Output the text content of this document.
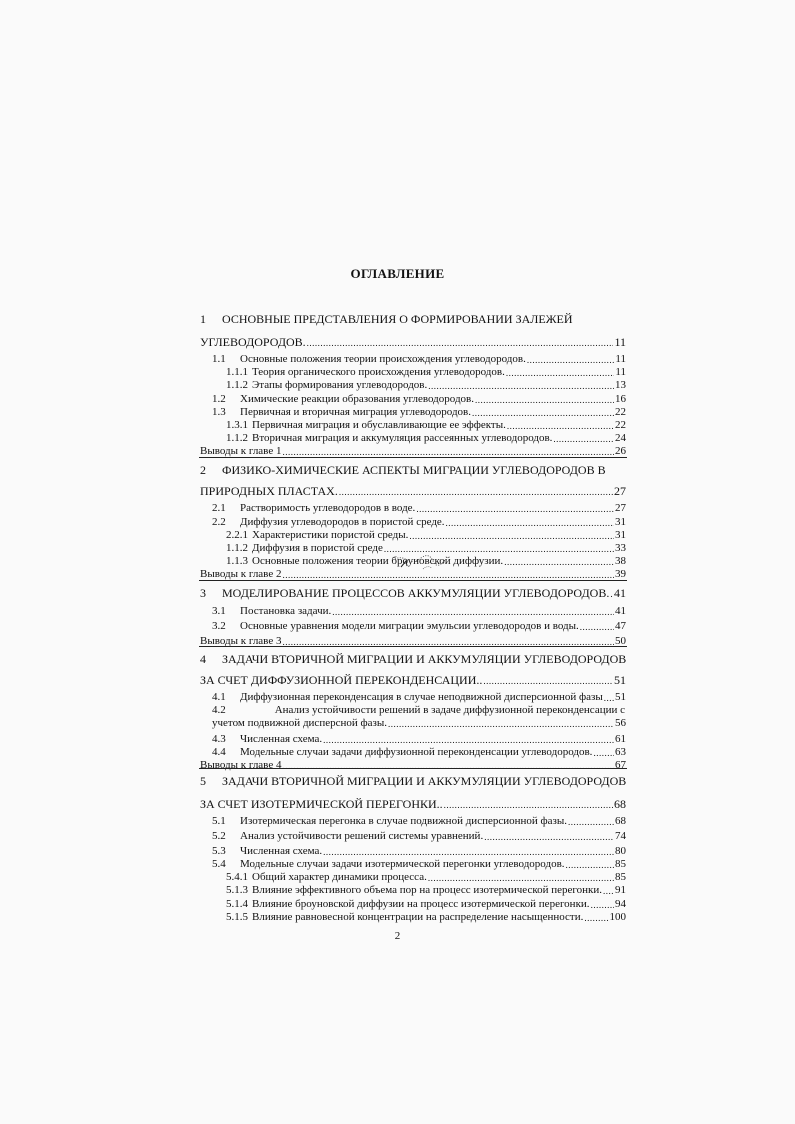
ОГЛАВЛЕНИЕ
1 ОСНОВНЫЕ ПРЕДСТАВЛЕНИЯ О ФОРМИРОВАНИИ ЗАЛЕЖЕЙ
УГЛЕВОДОРОДОВ. .....	11
1.1 Основные положения теории происхождения углеводородов. .....	11
1.1.1 Теория органического происхождения углеводородов. .....	11
1.1.2 Этапы формирования углеводородов. .....	13
1.2 Химические реакции образования углеводородов. .....	16
1.3 Первичная и вторичная миграция углеводородов. .....	22
1.3.1 Первичная миграция и обуславливающие ее эффекты. .....	22
1.1.2 Вторичная миграция и аккумуляция рассеянных углеводородов. .....	24
Выводы к главе 1 .....	26
2 ФИЗИКО-ХИМИЧЕСКИЕ АСПЕКТЫ МИГРАЦИИ УГЛЕВОДОРОДОВ В
ПРИРОДНЫХ ПЛАСТАХ. .....	27
2.1 Растворимость углеводородов в воде. .....	27
2.2 Диффузия углеводородов в пористой среде. .....	31
2.2.1 Характеристики пористой среды. .....	31
1.1.2 Диффузия в пористой среде .....	33
1.1.3 Основные положения теории броуновской диффузии. .....	38
Выводы к главе 2 .....	39
3 МОДЕЛИРОВАНИЕ ПРОЦЕССОВ АККУМУЛЯЦИИ УГЛЕВОДОРОДОВ. ..... 41
3.1 Постановка задачи. .....	41
3.2 Основные уравнения модели миграции эмульсии углеводородов и воды. .....	47
Выводы к главе 3 .....	50
4 ЗАДАЧИ ВТОРИЧНОЙ МИГРАЦИИ И АККУМУЛЯЦИИ УГЛЕВОДОРОДОВ
ЗА СЧЕТ ДИФФУЗИОННОЙ ПЕРЕКОНДЕНСАЦИИ.. .....	51
4.1 Диффузионная переконденсация в случае неподвижной дисперсионной фазы ..... 51
4.2	Анализ устойчивости решений в задаче диффузионной переконденсации с
учетом подвижной дисперсной фазы. .....	56
4.3 Численная схема. .....	61
4.4 Модельные случаи задачи диффузионной переконденсации углеводородов. ..... 63
Выводы к главе 4 .....	67
5 ЗАДАЧИ ВТОРИЧНОЙ МИГРАЦИИ И АККУМУЛЯЦИИ УГЛЕВОДОРОДОВ
ЗА СЧЕТ ИЗОТЕРМИЧЕСКОЙ ПЕРЕГОНКИ.. .....	68
5.1 Изотермическая перегонка в случае подвижной дисперсионной фазы. .....	68
5.2 Анализ устойчивости решений системы уравнений. .....	74
5.3 Численная схема. .....	80
5.4 Модельные случаи задачи изотермической перегонки углеводородов. .....	85
5.4.1 Общий характер динамики процесса. .....	85
5.1.3 Влияние эффективного объема пор на процесс изотермической перегонки. ..... 91
5.1.4 Влияние броуновской диффузии на процесс изотермической перегонки. ..... 94
5.1.5 Влияние равновесной концентрации на распределение насыщенности. ..... 100
2
